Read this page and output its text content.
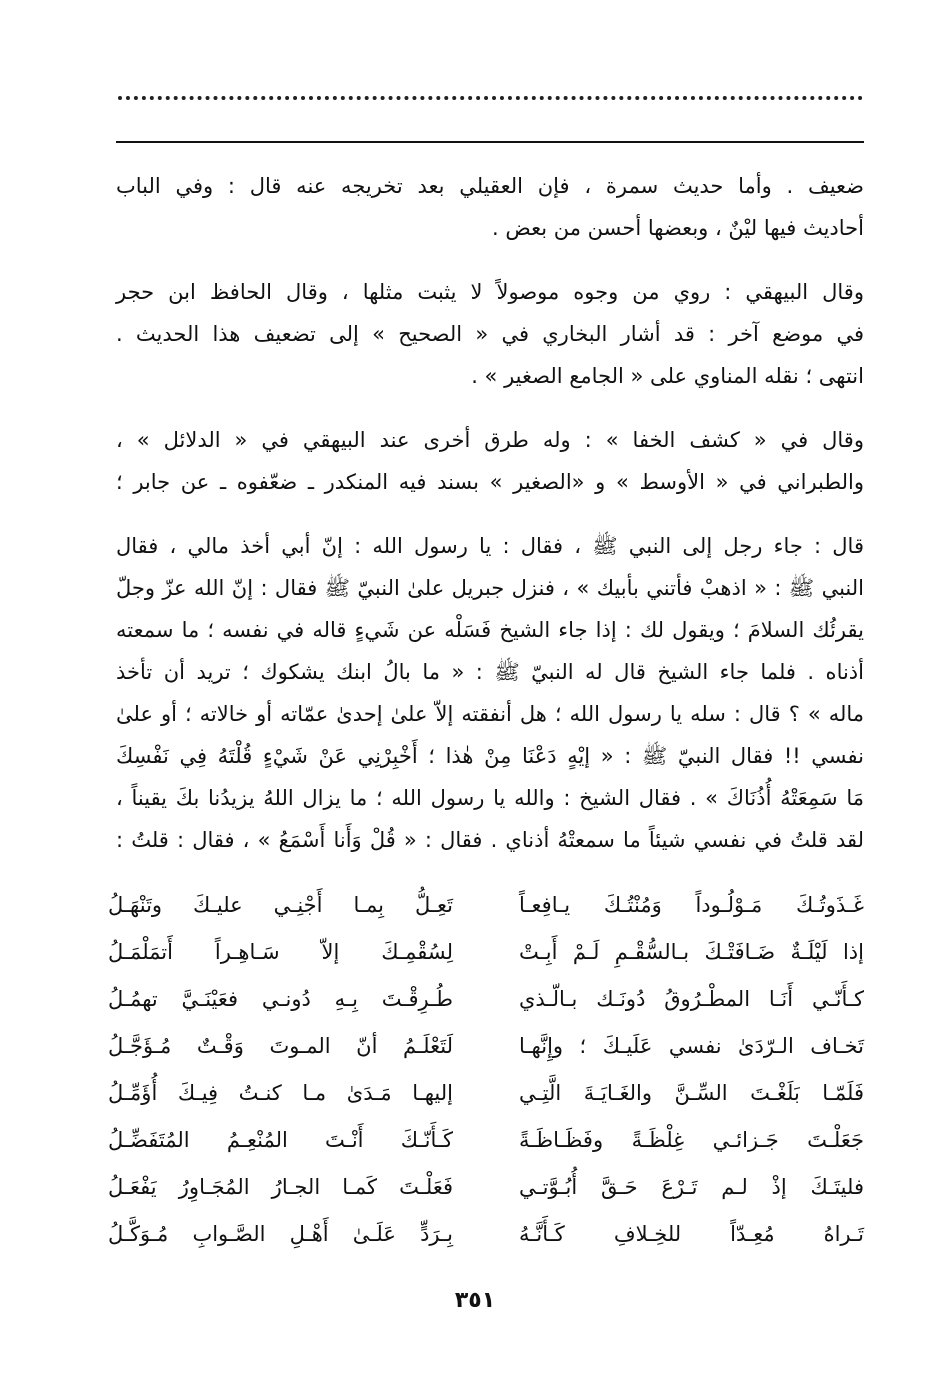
ضعيف . وأما حديث سمرة ، فإن العقيلي بعد تخريجه عنه قال : وفي الباب
أحاديث فيها ليْنٌ ، وبعضها أحسن من بعض .

وقال البيهقي : روي من وجوه موصولاً لا يثبت مثلها ، وقال الحافظ ابن حجر
في موضع آخر : قد أشار البخاري في « الصحيح » إلى تضعيف هذا الحديث .
انتهى ؛ نقله المناوي على « الجامع الصغير » .

وقال في « كشف الخفا » : وله طرق أخرى عند البيهقي في « الدلائل » ،
والطبراني في « الأوسط » و «الصغير » بسند فيه المنكدر ـ ضعّفوه ـ عن جابر ؛

قال : جاء رجل إلى النبي ﷺ ، فقال : يا رسول الله : إنّ أبي أخذ مالي ، فقال
النبي ﷺ : « اذهبْ فأتني بأبيك » ، فنزل جبريل علىٰ النبيّ ﷺ فقال : إنّ الله عزّ وجلّ
يقرئُك السلامَ ؛ ويقول لك : إذا جاء الشيخ فَسَلْه عن شَيءٍ قاله في نفسه ؛ ما سمعته
أذناه . فلما جاء الشيخ قال له النبيّ ﷺ : « ما بالُ ابنك يشكوك ؛ تريد أن تأخذ
ماله » ؟ قال : سله يا رسول الله ؛ هل أنفقته إلاّ علىٰ إحدىٰ عمّاته أو خالاته ؛ أو علىٰ
نفسي !! فقال النبيّ ﷺ : « إيْهٍ دَعْنَا مِنْ هٰذا ؛ أَخْبِرْنِي عَنْ شَيْءٍ قُلْتَهُ فِي نَفْسِكَ
مَا سَمِعَتْهُ أُذُنَاكَ » . فقال الشيخ : والله يا رسول الله ؛ ما يزال اللهُ يزيدُنا بكَ يقيناً ،
لقد قلتُ في نفسي شيئاً ما سمعتْهُ أذناي . فقال : « قُلْ وَأَنا أَسْمَعُ » ، فقال : قلتُ :

غَـذَوتُـكَ مَـوْلُـوداً وَمُنْتُـكَ يـافِعـاً
تَعِـلُّ بِمـا أَجْنِـي عليـكَ وتَنْهَـلُ
إذا لَيْلَـةٌ ضَـافَتْـكَ بـالسُّقْـمِ لَـمْ أَبِـتْ
لِسُقْمِـكَ إلاّ سَـاهِـراً أَتمَلْمَـلُ
كـأَنّـي أَنَـا المطْـرُوقُ دُونَـك بـالّـذي
طُـرِقْـتَ بِـهِ دُونـي فعَيْنَـيَّ تهمُـلُ
تَخـاف الـرّدَىٰ نفسي عَلَيـكَ ؛ وإِنَّهـا
لَتَعْلَـمُ أنّ المـوتَ وَقْـتٌ مُـؤَجَّـلُ
فَلَمّـا بَلَغْـتَ السِّـنَّ والغَـايَـةَ الَّتِـي
إليهـا مَـدَىٰ مـا كنـتُ فِيـكَ أُؤَمِّـلُ
جَعَلْـتَ جَـزائـي غِلْظَـةً وفَظَـاظَـةً
كَـأَنّـكَ أَنْـتَ المُنْعِـمُ المُتَفَضِّـلُ
فليتَـكَ إذْ لـم تَـرْعَ حَـقَّ أُبُـوَّتـي
فَعَلْـتَ كَمـا الجـارُ المُجَـاوِرُ يَفْعَـلُ
تَـراهُ مُعِـدّاً للخِـلافِ كَـأَنَّـهُ
بِـرَدٍّ عَلَـىٰ أَهْـلِ الصَّـوابِ مُـوَكَّـلُ
٣٥١
